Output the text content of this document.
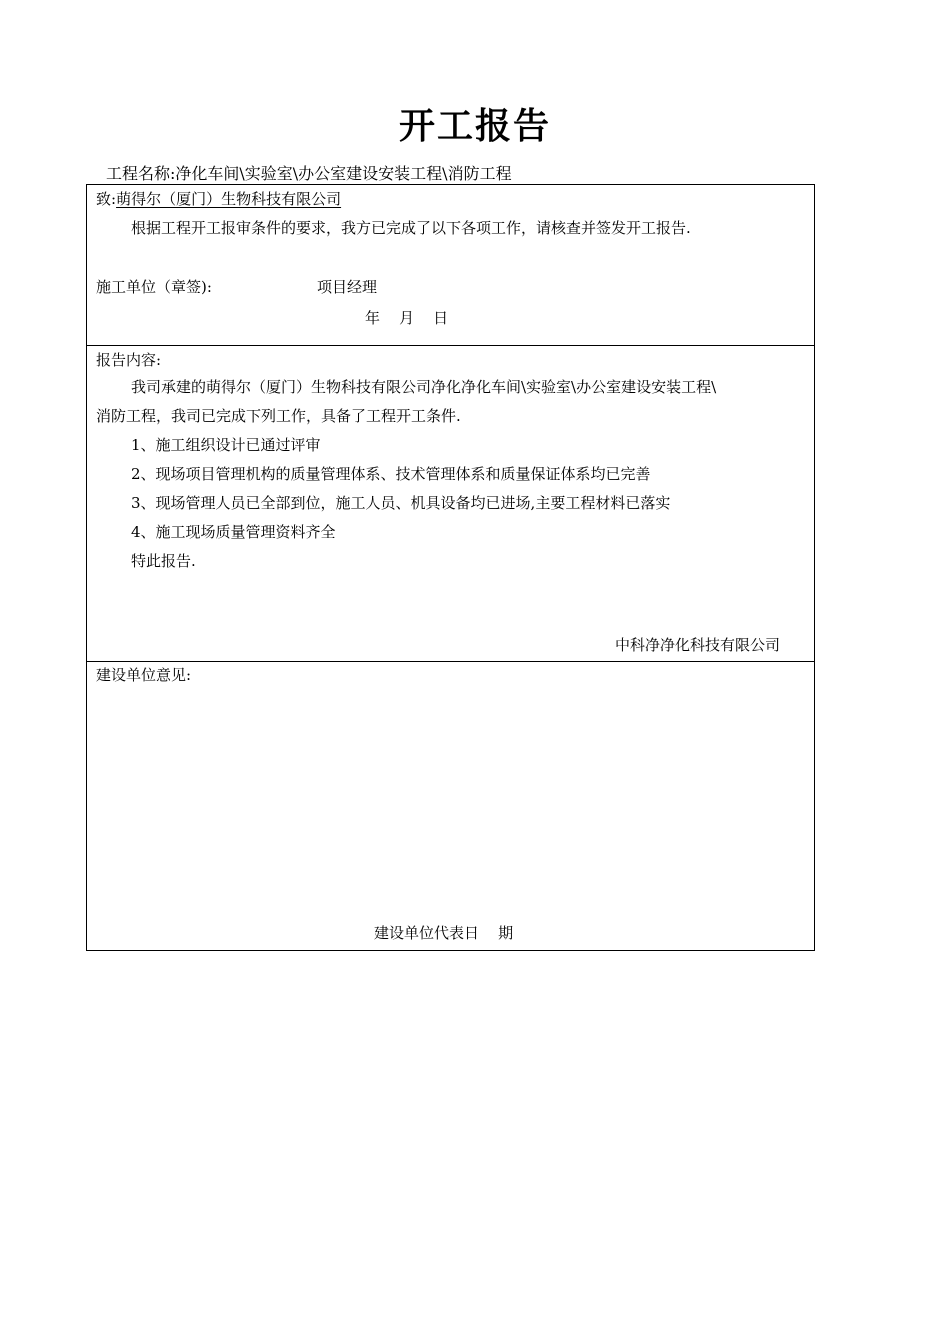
开工报告
工程名称:净化车间\实验室\办公室建设安装工程\消防工程
致:萌得尔（厦门）生物科技有限公司
根据工程开工报审条件的要求，我方已完成了以下各项工作，请核查并签发开工报告.
施工单位（章签):	项目经理
年    月    日
报告内容:
我司承建的萌得尔（厦门）生物科技有限公司净化净化车间\实验室\办公室建设安装工程\
消防工程，我司已完成下列工作，具备了工程开工条件.
1、施工组织设计已通过评审
2、现场项目管理机构的质量管理体系、技术管理体系和质量保证体系均已完善
3、现场管理人员已全部到位，施工人员、机具设备均已进场,主要工程材料已落实
4、施工现场质量管理资料齐全
特此报告.
中科净净化科技有限公司
建设单位意见:
建设单位代表日    期
